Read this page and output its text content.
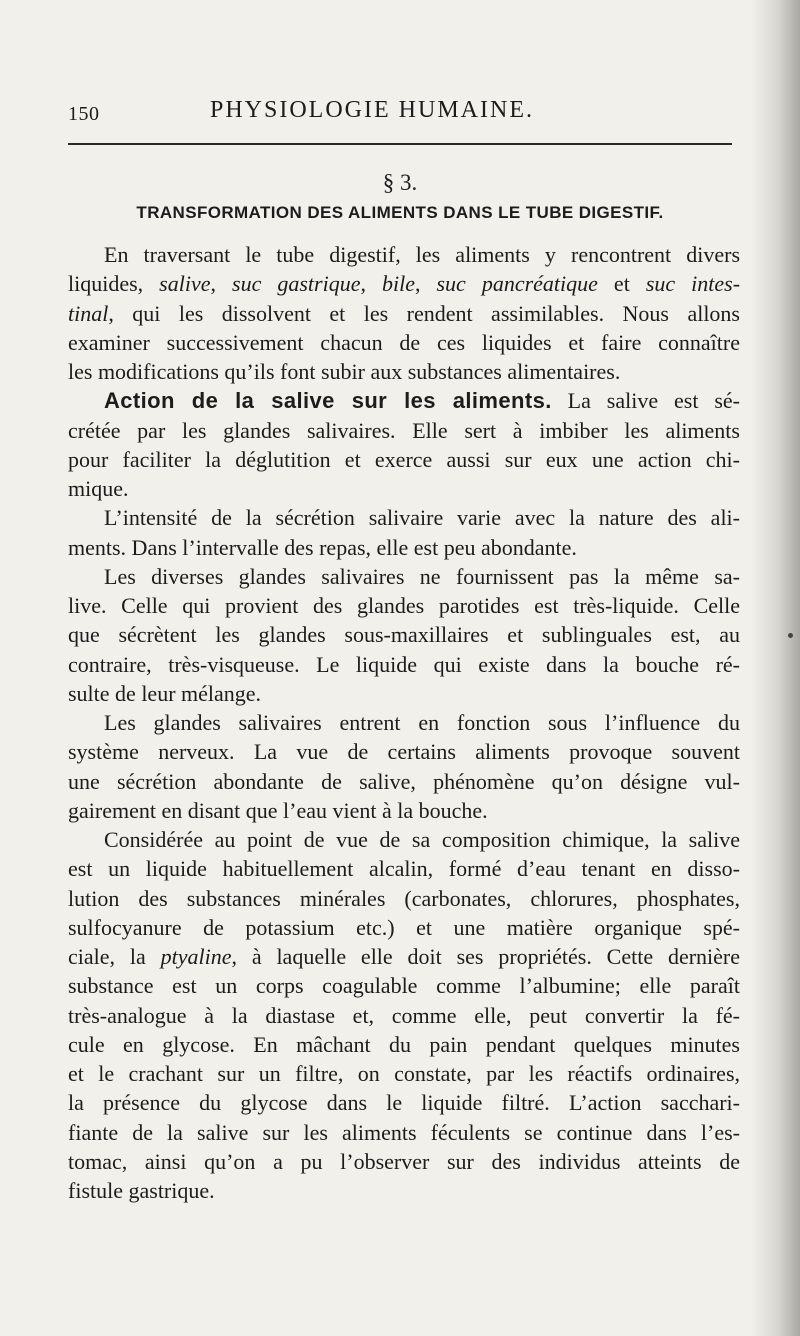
150	PHYSIOLOGIE HUMAINE.
§ 3.
TRANSFORMATION DES ALIMENTS DANS LE TUBE DIGESTIF.
En traversant le tube digestif, les aliments y rencontrent divers
liquides, salive, suc gastrique, bile, suc pancréatique et suc intes-
tinal, qui les dissolvent et les rendent assimilables. Nous allons
examiner successivement chacun de ces liquides et faire connaître
les modifications qu’ils font subir aux substances alimentaires.
Action de la salive sur les aliments. La salive est sé-
crétée par les glandes salivaires. Elle sert à imbiber les aliments
pour faciliter la déglutition et exerce aussi sur eux une action chi-
mique.
L’intensité de la sécrétion salivaire varie avec la nature des ali-
ments. Dans l’intervalle des repas, elle est peu abondante.
Les diverses glandes salivaires ne fournissent pas la même sa-
live. Celle qui provient des glandes parotides est très-liquide. Celle
que sécrètent les glandes sous-maxillaires et sublinguales est, au
contraire, très-visqueuse. Le liquide qui existe dans la bouche ré-
sulte de leur mélange.
Les glandes salivaires entrent en fonction sous l’influence du
système nerveux. La vue de certains aliments provoque souvent
une sécrétion abondante de salive, phénomène qu’on désigne vul-
gairement en disant que l’eau vient à la bouche.
Considérée au point de vue de sa composition chimique, la salive
est un liquide habituellement alcalin, formé d’eau tenant en disso-
lution des substances minérales (carbonates, chlorures, phosphates,
sulfocyanure de potassium etc.) et une matière organique spé-
ciale, la ptyaline, à laquelle elle doit ses propriétés. Cette dernière
substance est un corps coagulable comme l’albumine; elle paraît
très-analogue à la diastase et, comme elle, peut convertir la fé-
cule en glycose. En mâchant du pain pendant quelques minutes
et le crachant sur un filtre, on constate, par les réactifs ordinaires,
la présence du glycose dans le liquide filtré. L’action sacchari-
fiante de la salive sur les aliments féculents se continue dans l’es-
tomac, ainsi qu’on a pu l’observer sur des individus atteints de
fistule gastrique.
